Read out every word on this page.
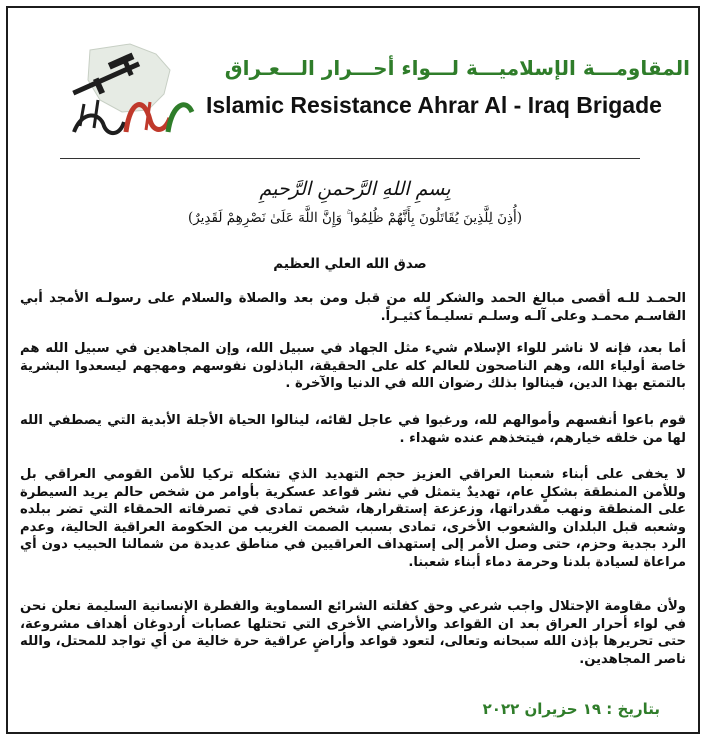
المقاومـــة الإسلاميـــة لـــواء أحـــرار الـــعـراق
Islamic Resistance Ahrar Al - Iraq Brigade
بِسمِ اللهِ الرَّحمنِ الرَّحيمِ
(أُذِنَ لِلَّذِينَ يُقَاتَلُونَ بِأَنَّهُمْ ظُلِمُوا ۚ وَإِنَّ اللَّهَ عَلَىٰ نَصْرِهِمْ لَقَدِيرٌ)
صدق الله العلي العظيم
الحمـد للـه أقصى مبالغ الحمد والشكر لله من قبل ومن بعد والصلاة والسلام على رسولـه الأمجد أبي القاسـم محمـد وعلى آلـه وسلـم تسليـماً كثيـراً.
أما بعد، فإنه لا ناشر للواء الإسلام شيء مثل الجهاد في سبيل الله، وإن المجاهدين في سبيل الله هم خاصة أولياء الله، وهم الناصحون للعالم كله على الحقيقة، الباذلون نفوسهم ومهجهم ليسعدوا البشرية بالتمتع بهذا الدين، فينالوا بذلك رضوان الله في الدنيا والآخرة .
قوم باعوا أنفسهم وأموالهم لله، ورغبوا في عاجل لقائه، لينالوا الحياة الأجلة الأبدية التي يصطفي الله لها من خلقه خيارهم، فيتخذهم عنده شهداء .
لا يخفى على أبناء شعبنا العراقي العزيز حجم التهديد الذي تشكله تركيا للأمن القومي العراقي بل وللأمن المنطقة بشكلٍ عام، تهديدٌ يتمثل في نشر قواعد عسكرية بأوامر من شخص حالم يريد السيطرة على المنطقة ونهب مقدراتها، وزعزعة إستقرارها، شخص تمادى في تصرفاته الحمقاء التي تضر ببلده وشعبه قبل البلدان والشعوب الأخرى، تمادى بسبب الصمت الغريب من الحكومة العراقية الحالية، وعدم الرد بجدية وحزم، حتى وصل الأمر إلى إستهداف العراقيين في مناطق عديدة من شمالنا الحبيب دون أي مراعاة لسيادة بلدنا وحرمة دماء أبناء شعبنا.
ولأن مقاومة الإحتلال واجب شرعي وحق كفلته الشرائع السماوية والفطرة الإنسانية السليمة نعلن نحن في لواء أحرار العراق بعد ان القواعد والأراضي الأخرى التي تحتلها عصابات أردوغان أهداف مشروعة، حتى تحريرها بإذن الله سبحانه وتعالى، لتعود قواعد وأراضٍ عراقية حرة خالية من أي تواجد للمحتل، والله ناصر المجاهدين.
بتاريخ : ١٩ حزيران ٢٠٢٢
